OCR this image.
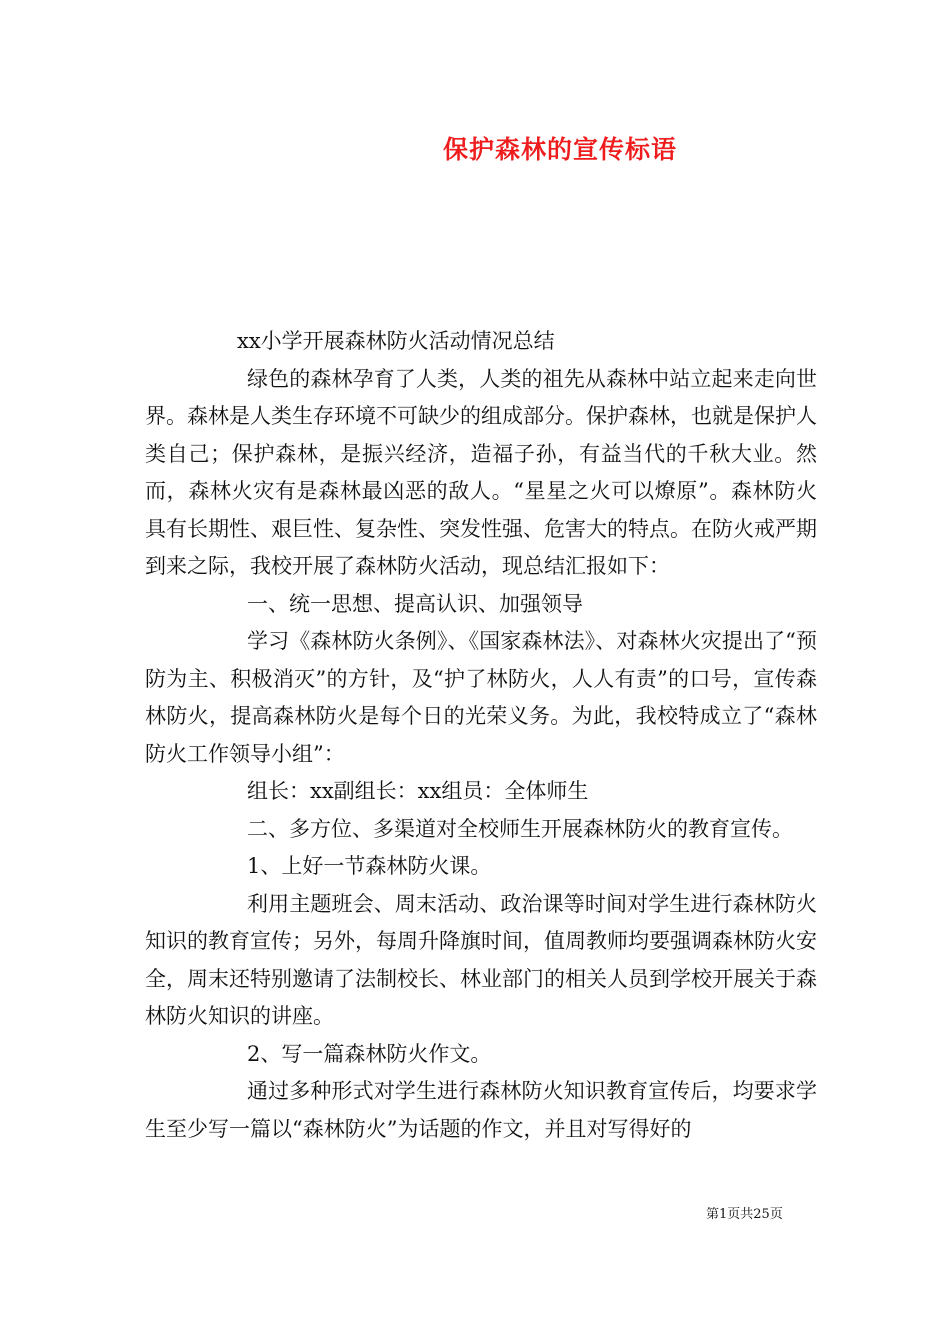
保护森林的宣传标语

xx小学开展森林防火活动情况总结

绿色的森林孕育了人类，人类的祖先从森林中站立起来走向世界。森林是人类生存环境不可缺少的组成部分。保护森林，也就是保护人类自己；保护森林，是振兴经济，造福子孙，有益当代的千秋大业。然而，森林火灾有是森林最凶恶的敌人。“星星之火可以燎原”。森林防火具有长期性、艰巨性、复杂性、突发性强、危害大的特点。在防火戒严期到来之际，我校开展了森林防火活动，现总结汇报如下：

一、统一思想、提高认识、加强领导

学习《森林防火条例》、《国家森林法》、对森林火灾提出了“预防为主、积极消灭”的方针，及“护了林防火，人人有责”的口号，宣传森林防火，提高森林防火是每个日的光荣义务。为此，我校特成立了“森林防火工作领导小组”：

组长：xx副组长：xx组员：全体师生

二、多方位、多渠道对全校师生开展森林防火的教育宣传。

1、上好一节森林防火课。

利用主题班会、周末活动、政治课等时间对学生进行森林防火知识的教育宣传；另外，每周升降旗时间，值周教师均要强调森林防火安全，周末还特别邀请了法制校长、林业部门的相关人员到学校开展关于森林防火知识的讲座。

2、写一篇森林防火作文。

通过多种形式对学生进行森林防火知识教育宣传后，均要求学生至少写一篇以“森林防火”为话题的作文，并且对写得好的

第1页共25页
